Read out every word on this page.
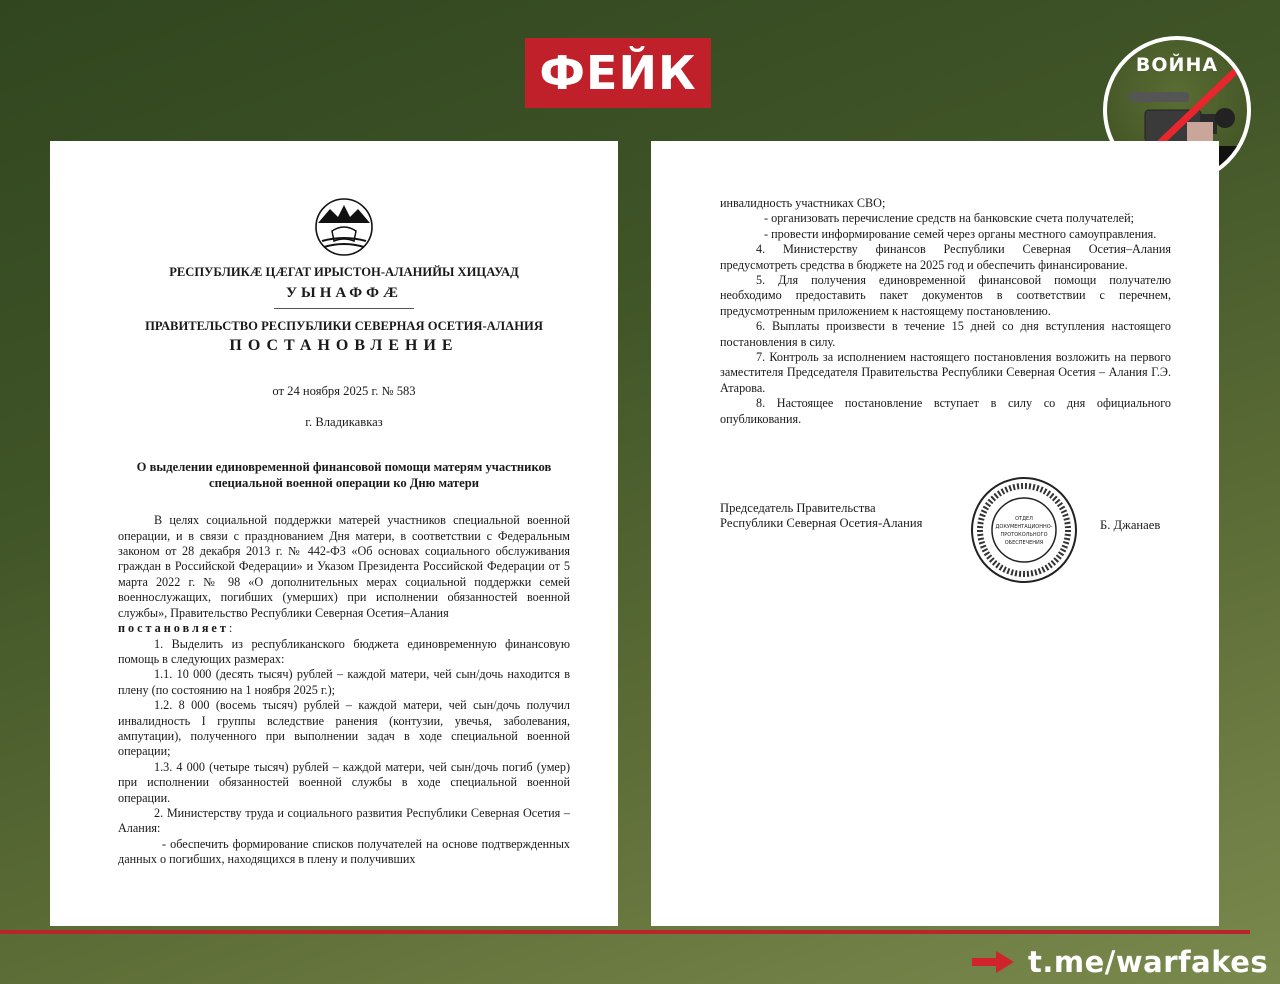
ФЕЙК	ВОЙНА
РЕСПУБЛИКÆ ЦÆГАТ ИРЫСТОН-АЛАНИЙЫ ХИЦАУАД
УЫНАФФÆ
ПРАВИТЕЛЬСТВО РЕСПУБЛИКИ СЕВЕРНАЯ ОСЕТИЯ-АЛАНИЯ
ПОСТАНОВЛЕНИЕ
от 24 ноября 2025 г. № 583
г. Владикавказ
О выделении единовременной финансовой помощи матерям участников специальной военной операции ко Дню матери

В целях социальной поддержки матерей участников специальной военной операции, и в связи с празднованием Дня матери, в соответствии с Федеральным законом от 28 декабря 2013 г. № 442-ФЗ «Об основах социального обслуживания граждан в Российской Федерации» и Указом Президента Российской Федерации от 5 марта 2022 г. № 98 «О дополнительных мерах социальной поддержки семей военнослужащих, погибших (умерших) при исполнении обязанностей военной службы», Правительство Республики Северная Осетия–Алания

постановляет:

1. Выделить из республиканского бюджета единовременную финансовую помощь в следующих размерах:

1.1. 10 000 (десять тысяч) рублей – каждой матери, чей сын/дочь находится в плену (по состоянию на 1 ноября 2025 г.);

1.2. 8 000 (восемь тысяч) рублей – каждой матери, чей сын/дочь получил инвалидность I группы вследствие ранения (контузии, увечья, заболевания, ампутации), полученного при выполнении задач в ходе специальной военной операции;

1.3. 4 000 (четыре тысяч) рублей – каждой матери, чей сын/дочь погиб (умер) при исполнении обязанностей военной службы в ходе специальной военной операции.

2. Министерству труда и социального развития Республики Северная Осетия – Алания:

- обеспечить формирование списков получателей на основе подтвержденных данных о погибших, находящихся в плену и получивших

инвалидность участниках СВО;

- организовать перечисление средств на банковские счета получателей;

- провести информирование семей через органы местного самоуправления.

4. Министерству финансов Республики Северная Осетия–Алания предусмотреть средства в бюджете на 2025 год и обеспечить финансирование.

5. Для получения единовременной финансовой помощи получателю необходимо предоставить пакет документов в соответствии с перечнем, предусмотренным приложением к настоящему постановлению.

6. Выплаты произвести в течение 15 дней со дня вступления настоящего постановления в силу.

7. Контроль за исполнением настоящего постановления возложить на первого заместителя Председателя Правительства Республики Северная Осетия – Алания Г.Э. Атарова.

8. Настоящее постановление вступает в силу со дня официального опубликования.

Председатель Правительства
Республики Северная Осетия-Алания	ОТДЕЛ
ДОКУМЕНТАЦИОННО-
ПРОТОКОЛЬНОГО
ОБЕСПЕЧЕНИЯ
Б. Джанаев
t.me/warfakes
